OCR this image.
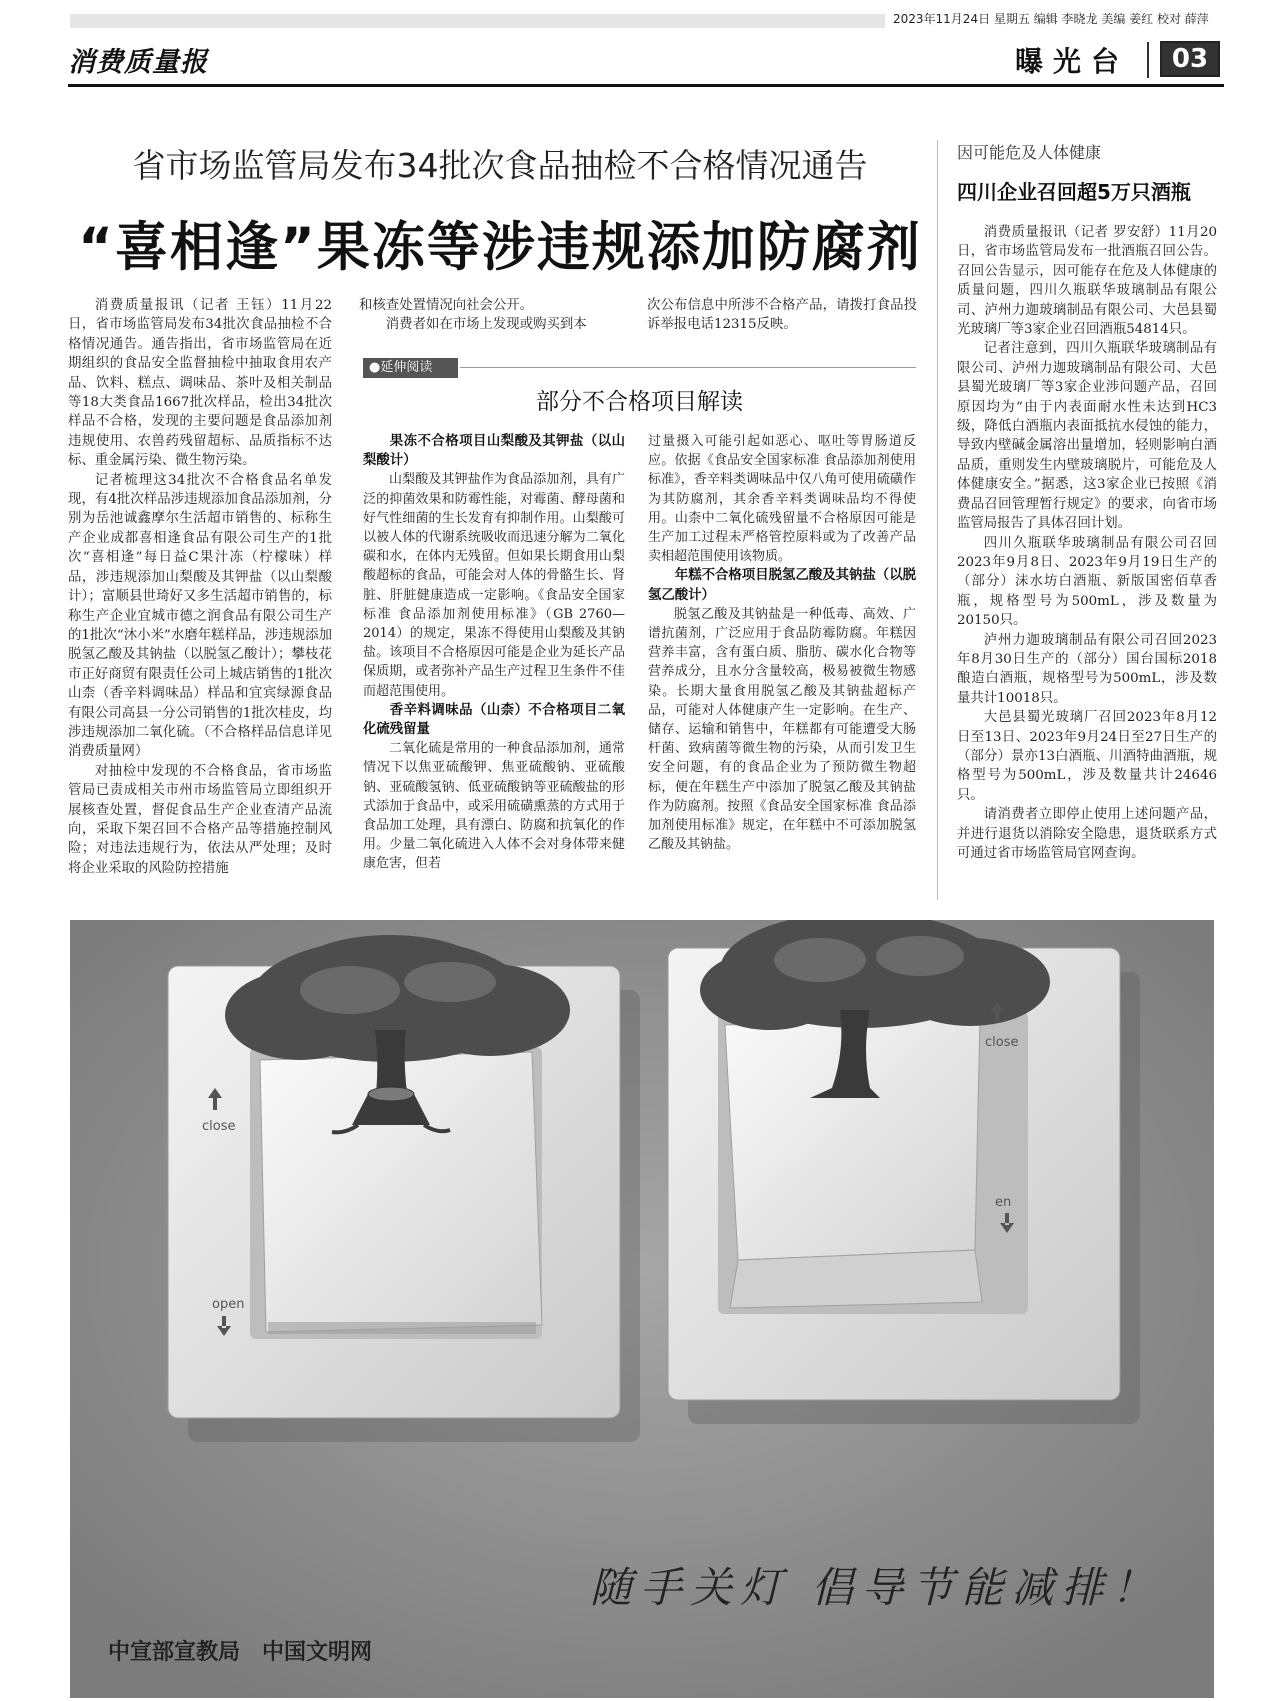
2023年11月24日 星期五 编辑 李晓龙 美编 姜红 校对 薛萍
消费质量报	曝光台	03
省市场监管局发布34批次食品抽检不合格情况通告
“喜相逢”果冻等涉违规添加防腐剂

消费质量报讯（记者 王钰）11月22日，省市场监管局发布34批次食品抽检不合格情况通告。通告指出，省市场监管局在近期组织的食品安全监督抽检中抽取食用农产品、饮料、糕点、调味品、茶叶及相关制品等18大类食品1667批次样品，检出34批次样品不合格，发现的主要问题是食品添加剂违规使用、农兽药残留超标、品质指标不达标、重金属污染、微生物污染。

记者梳理这34批次不合格食品名单发现，有4批次样品涉违规添加食品添加剂，分别为岳池诚鑫摩尔生活超市销售的、标称生产企业成都喜相逢食品有限公司生产的1批次“喜相逢”每日益C果汁冻（柠檬味）样品，涉违规添加山梨酸及其钾盐（以山梨酸计）；富顺县世琦好又多生活超市销售的，标称生产企业宜城市德之润食品有限公司生产的1批次“沐小米”水磨年糕样品，涉违规添加脱氢乙酸及其钠盐（以脱氢乙酸计）；攀枝花市正好商贸有限责任公司上城店销售的1批次山柰（香辛料调味品）样品和宜宾绿源食品有限公司高县一分公司销售的1批次桂皮，均涉违规添加二氧化硫。（不合格样品信息详见消费质量网）

对抽检中发现的不合格食品，省市场监管局已责成相关市州市场监管局立即组织开展核查处置，督促食品生产企业查清产品流向，采取下架召回不合格产品等措施控制风险；对违法违规行为，依法从严处理；及时将企业采取的风险防控措施

和核查处置情况向社会公开。

消费者如在市场上发现或购买到本

次公布信息中所涉不合格产品，请拨打食品投诉举报电话12315反映。

●延伸阅读
部分不合格项目解读
果冻不合格项目山梨酸及其钾盐（以山梨酸计）

山梨酸及其钾盐作为食品添加剂，具有广泛的抑菌效果和防霉性能，对霉菌、酵母菌和好气性细菌的生长发育有抑制作用。山梨酸可以被人体的代谢系统吸收而迅速分解为二氧化碳和水，在体内无残留。但如果长期食用山梨酸超标的食品，可能会对人体的骨骼生长、肾脏、肝脏健康造成一定影响。《食品安全国家标准 食品添加剂使用标准》（GB 2760—2014）的规定，果冻不得使用山梨酸及其钠盐。该项目不合格原因可能是企业为延长产品保质期，或者弥补产品生产过程卫生条件不佳而超范围使用。

香辛料调味品（山柰）不合格项目二氧化硫残留量

二氧化硫是常用的一种食品添加剂，通常情况下以焦亚硫酸钾、焦亚硫酸钠、亚硫酸钠、亚硫酸氢钠、低亚硫酸钠等亚硫酸盐的形式添加于食品中，或采用硫磺熏蒸的方式用于食品加工处理，具有漂白、防腐和抗氧化的作用。少量二氧化硫进入人体不会对身体带来健康危害，但若

过量摄入可能引起如恶心、呕吐等胃肠道反应。依据《食品安全国家标准 食品添加剂使用标准》，香辛料类调味品中仅八角可使用硫磺作为其防腐剂，其余香辛料类调味品均不得使用。山柰中二氧化硫残留量不合格原因可能是生产加工过程未严格管控原料或为了改善产品卖相超范围使用该物质。

年糕不合格项目脱氢乙酸及其钠盐（以脱氢乙酸计）

脱氢乙酸及其钠盐是一种低毒、高效、广谱抗菌剂，广泛应用于食品防霉防腐。年糕因营养丰富，含有蛋白质、脂肪、碳水化合物等营养成分，且水分含量较高，极易被微生物感染。长期大量食用脱氢乙酸及其钠盐超标产品，可能对人体健康产生一定影响。在生产、储存、运输和销售中，年糕都有可能遭受大肠杆菌、致病菌等微生物的污染，从而引发卫生安全问题，有的食品企业为了预防微生物超标，便在年糕生产中添加了脱氢乙酸及其钠盐作为防腐剂。按照《食品安全国家标准 食品添加剂使用标准》规定，在年糕中不可添加脱氢乙酸及其钠盐。

因可能危及人体健康
四川企业召回超5万只酒瓶

消费质量报讯（记者 罗安舒）11月20日，省市场监管局发布一批酒瓶召回公告。召回公告显示，因可能存在危及人体健康的质量问题，四川久瓶联华玻璃制品有限公司、泸州力迦玻璃制品有限公司、大邑县蜀光玻璃厂等3家企业召回酒瓶54814只。

记者注意到，四川久瓶联华玻璃制品有限公司、泸州力迦玻璃制品有限公司、大邑县蜀光玻璃厂等3家企业涉问题产品，召回原因均为“由于内表面耐水性未达到HC3级，降低白酒瓶内表面抵抗水侵蚀的能力，导致内壁碱金属溶出量增加，轻则影响白酒品质，重则发生内壁玻璃脱片，可能危及人体健康安全。”据悉，这3家企业已按照《消费品召回管理暂行规定》的要求，向省市场监管局报告了具体召回计划。

四川久瓶联华玻璃制品有限公司召回2023年9月8日、2023年9月19日生产的（部分）沫水坊白酒瓶、新版国密佰草香瓶，规格型号为500mL，涉及数量为20150只。

泸州力迦玻璃制品有限公司召回2023年8月30日生产的（部分）国台国标2018酿造白酒瓶，规格型号为500mL，涉及数量共计10018只。

大邑县蜀光玻璃厂召回2023年8月12日至13日、2023年9月24日至27日生产的（部分）景亦13白酒瓶、川酒特曲酒瓶，规格型号为500mL，涉及数量共计24646只。

请消费者立即停止使用上述问题产品，并进行退货以消除安全隐患，退货联系方式可通过省市场监管局官网查询。

close
open
close
en
随手关灯 倡导节能减排！
中宣部宣教局　中国文明网
